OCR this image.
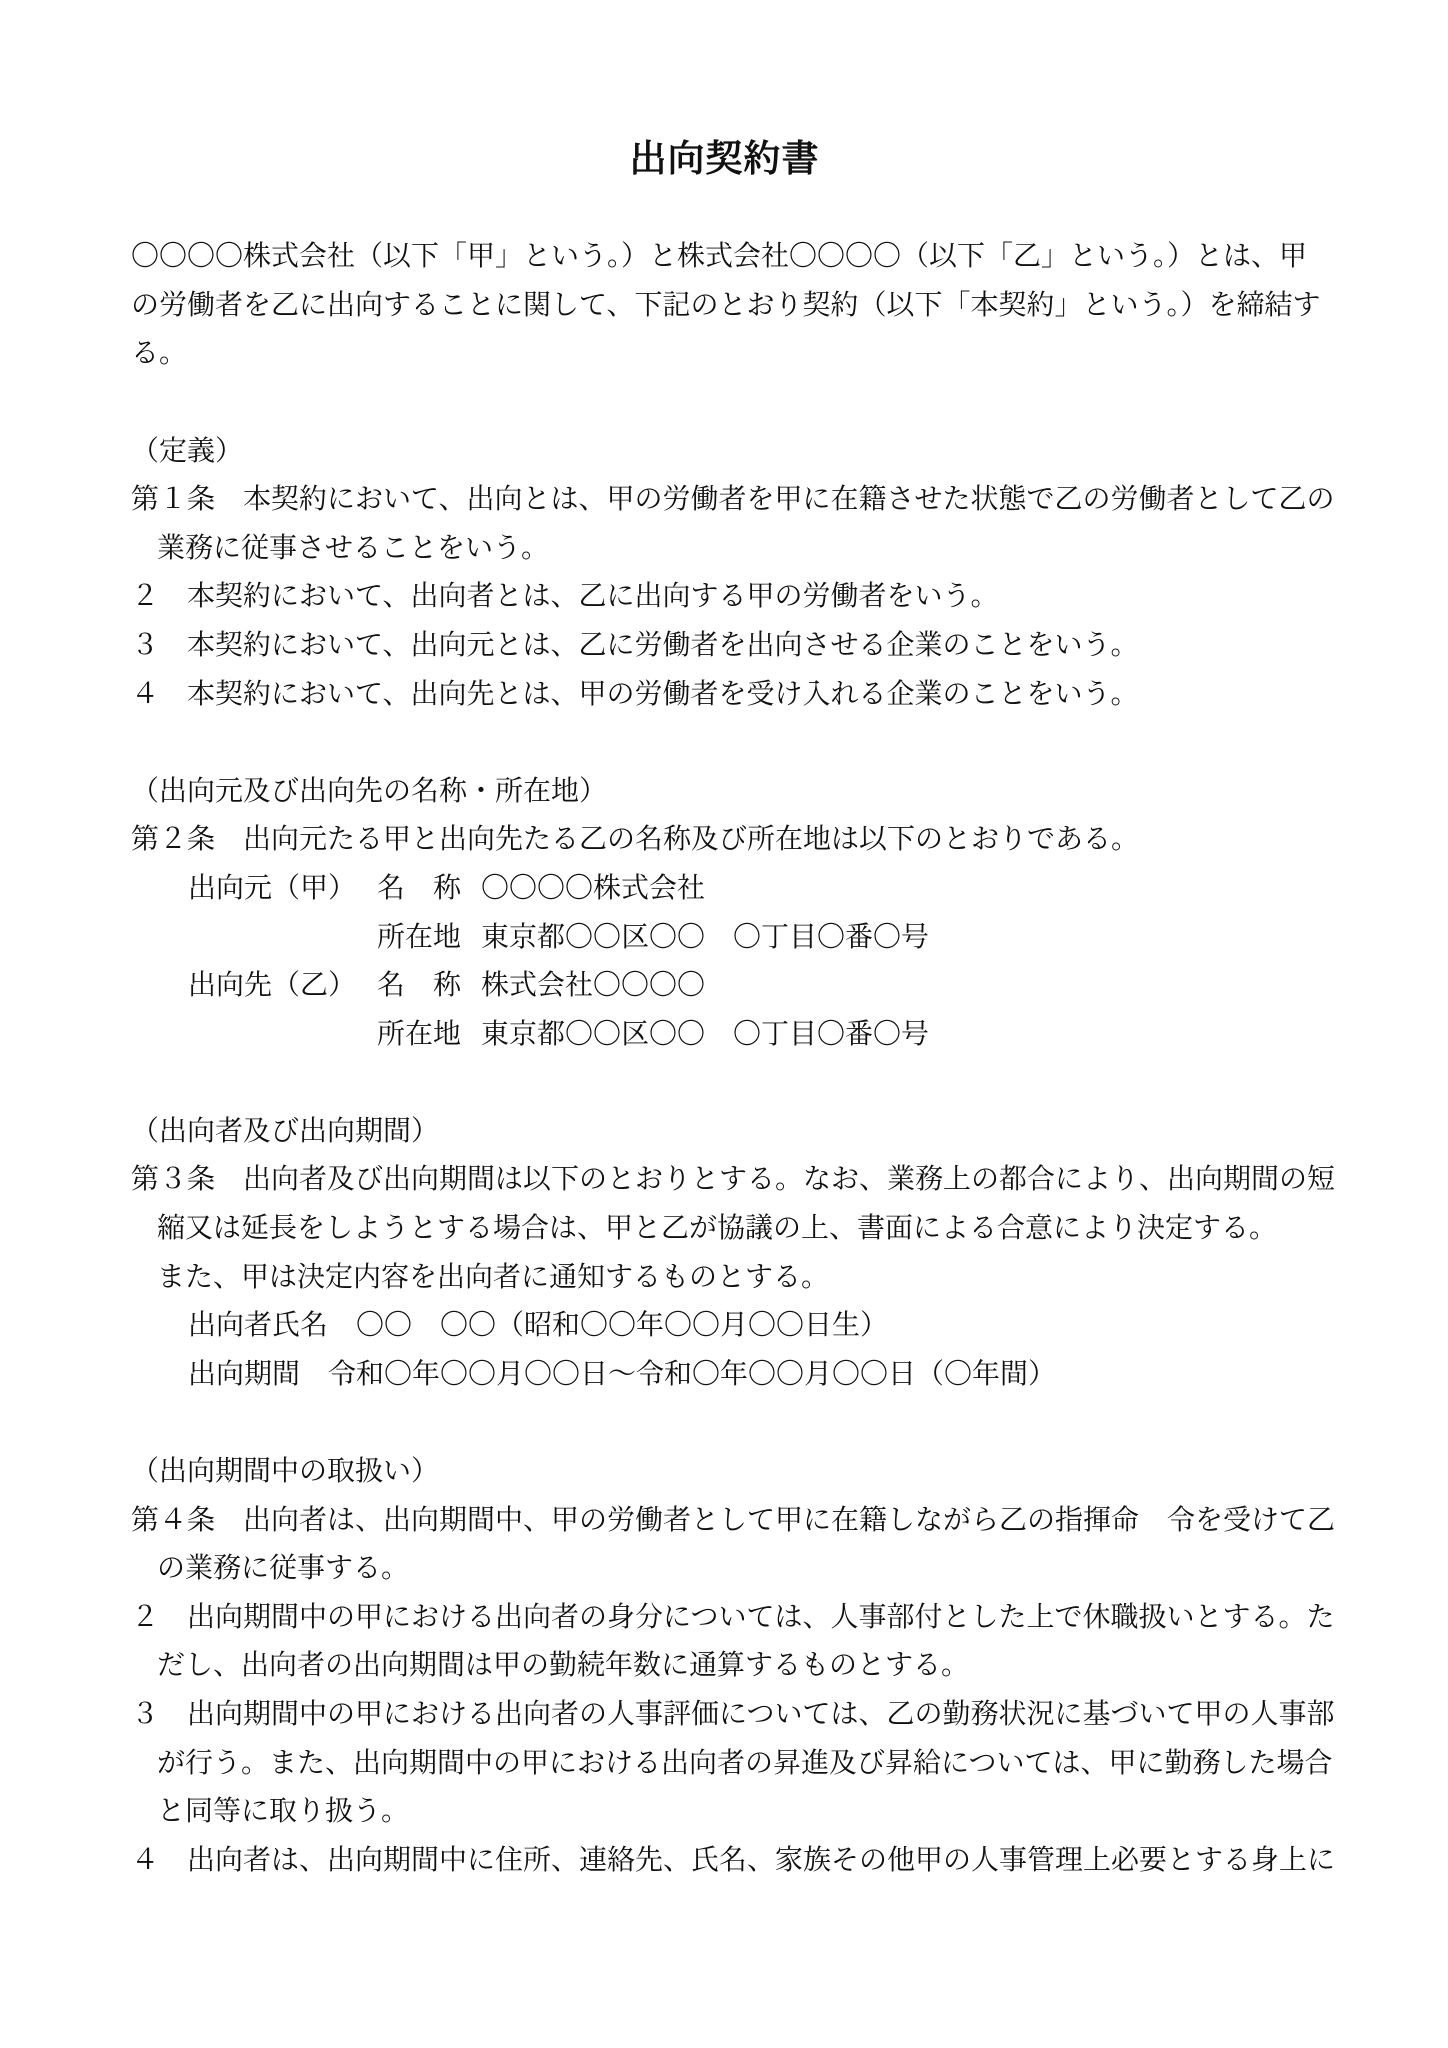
出向契約書
〇〇〇〇株式会社（以下「甲」という。）と株式会社〇〇〇〇（以下「乙」という。）とは、甲
の労働者を乙に出向することに関して、下記のとおり契約（以下「本契約」という。）を締結す
る。
（定義）
第１条　本契約において、出向とは、甲の労働者を甲に在籍させた状態で乙の労働者として乙の
業務に従事させることをいう。
２　本契約において、出向者とは、乙に出向する甲の労働者をいう。
３　本契約において、出向元とは、乙に労働者を出向させる企業のことをいう。
４　本契約において、出向先とは、甲の労働者を受け入れる企業のことをいう。
（出向元及び出向先の名称・所在地）
第２条　出向元たる甲と出向先たる乙の名称及び所在地は以下のとおりである。
出向元（甲） 名　称 〇〇〇〇株式会社
所在地 東京都〇〇区〇〇　〇丁目〇番〇号
出向先（乙） 名　称 株式会社〇〇〇〇
所在地 東京都〇〇区〇〇　〇丁目〇番〇号
（出向者及び出向期間）
第３条　出向者及び出向期間は以下のとおりとする。なお、業務上の都合により、出向期間の短
縮又は延長をしようとする場合は、甲と乙が協議の上、書面による合意により決定する。
また、甲は決定内容を出向者に通知するものとする。
出向者氏名　〇〇　〇〇（昭和〇〇年〇〇月〇〇日生）
出向期間　令和〇年〇〇月〇〇日～令和〇年〇〇月〇〇日（〇年間）
（出向期間中の取扱い）
第４条　出向者は、出向期間中、甲の労働者として甲に在籍しながら乙の指揮命　令を受けて乙
の業務に従事する。
２　出向期間中の甲における出向者の身分については、人事部付とした上で休職扱いとする。た
だし、出向者の出向期間は甲の勤続年数に通算するものとする。
３　出向期間中の甲における出向者の人事評価については、乙の勤務状況に基づいて甲の人事部
が行う。また、出向期間中の甲における出向者の昇進及び昇給については、甲に勤務した場合
と同等に取り扱う。
４　出向者は、出向期間中に住所、連絡先、氏名、家族その他甲の人事管理上必要とする身上に
